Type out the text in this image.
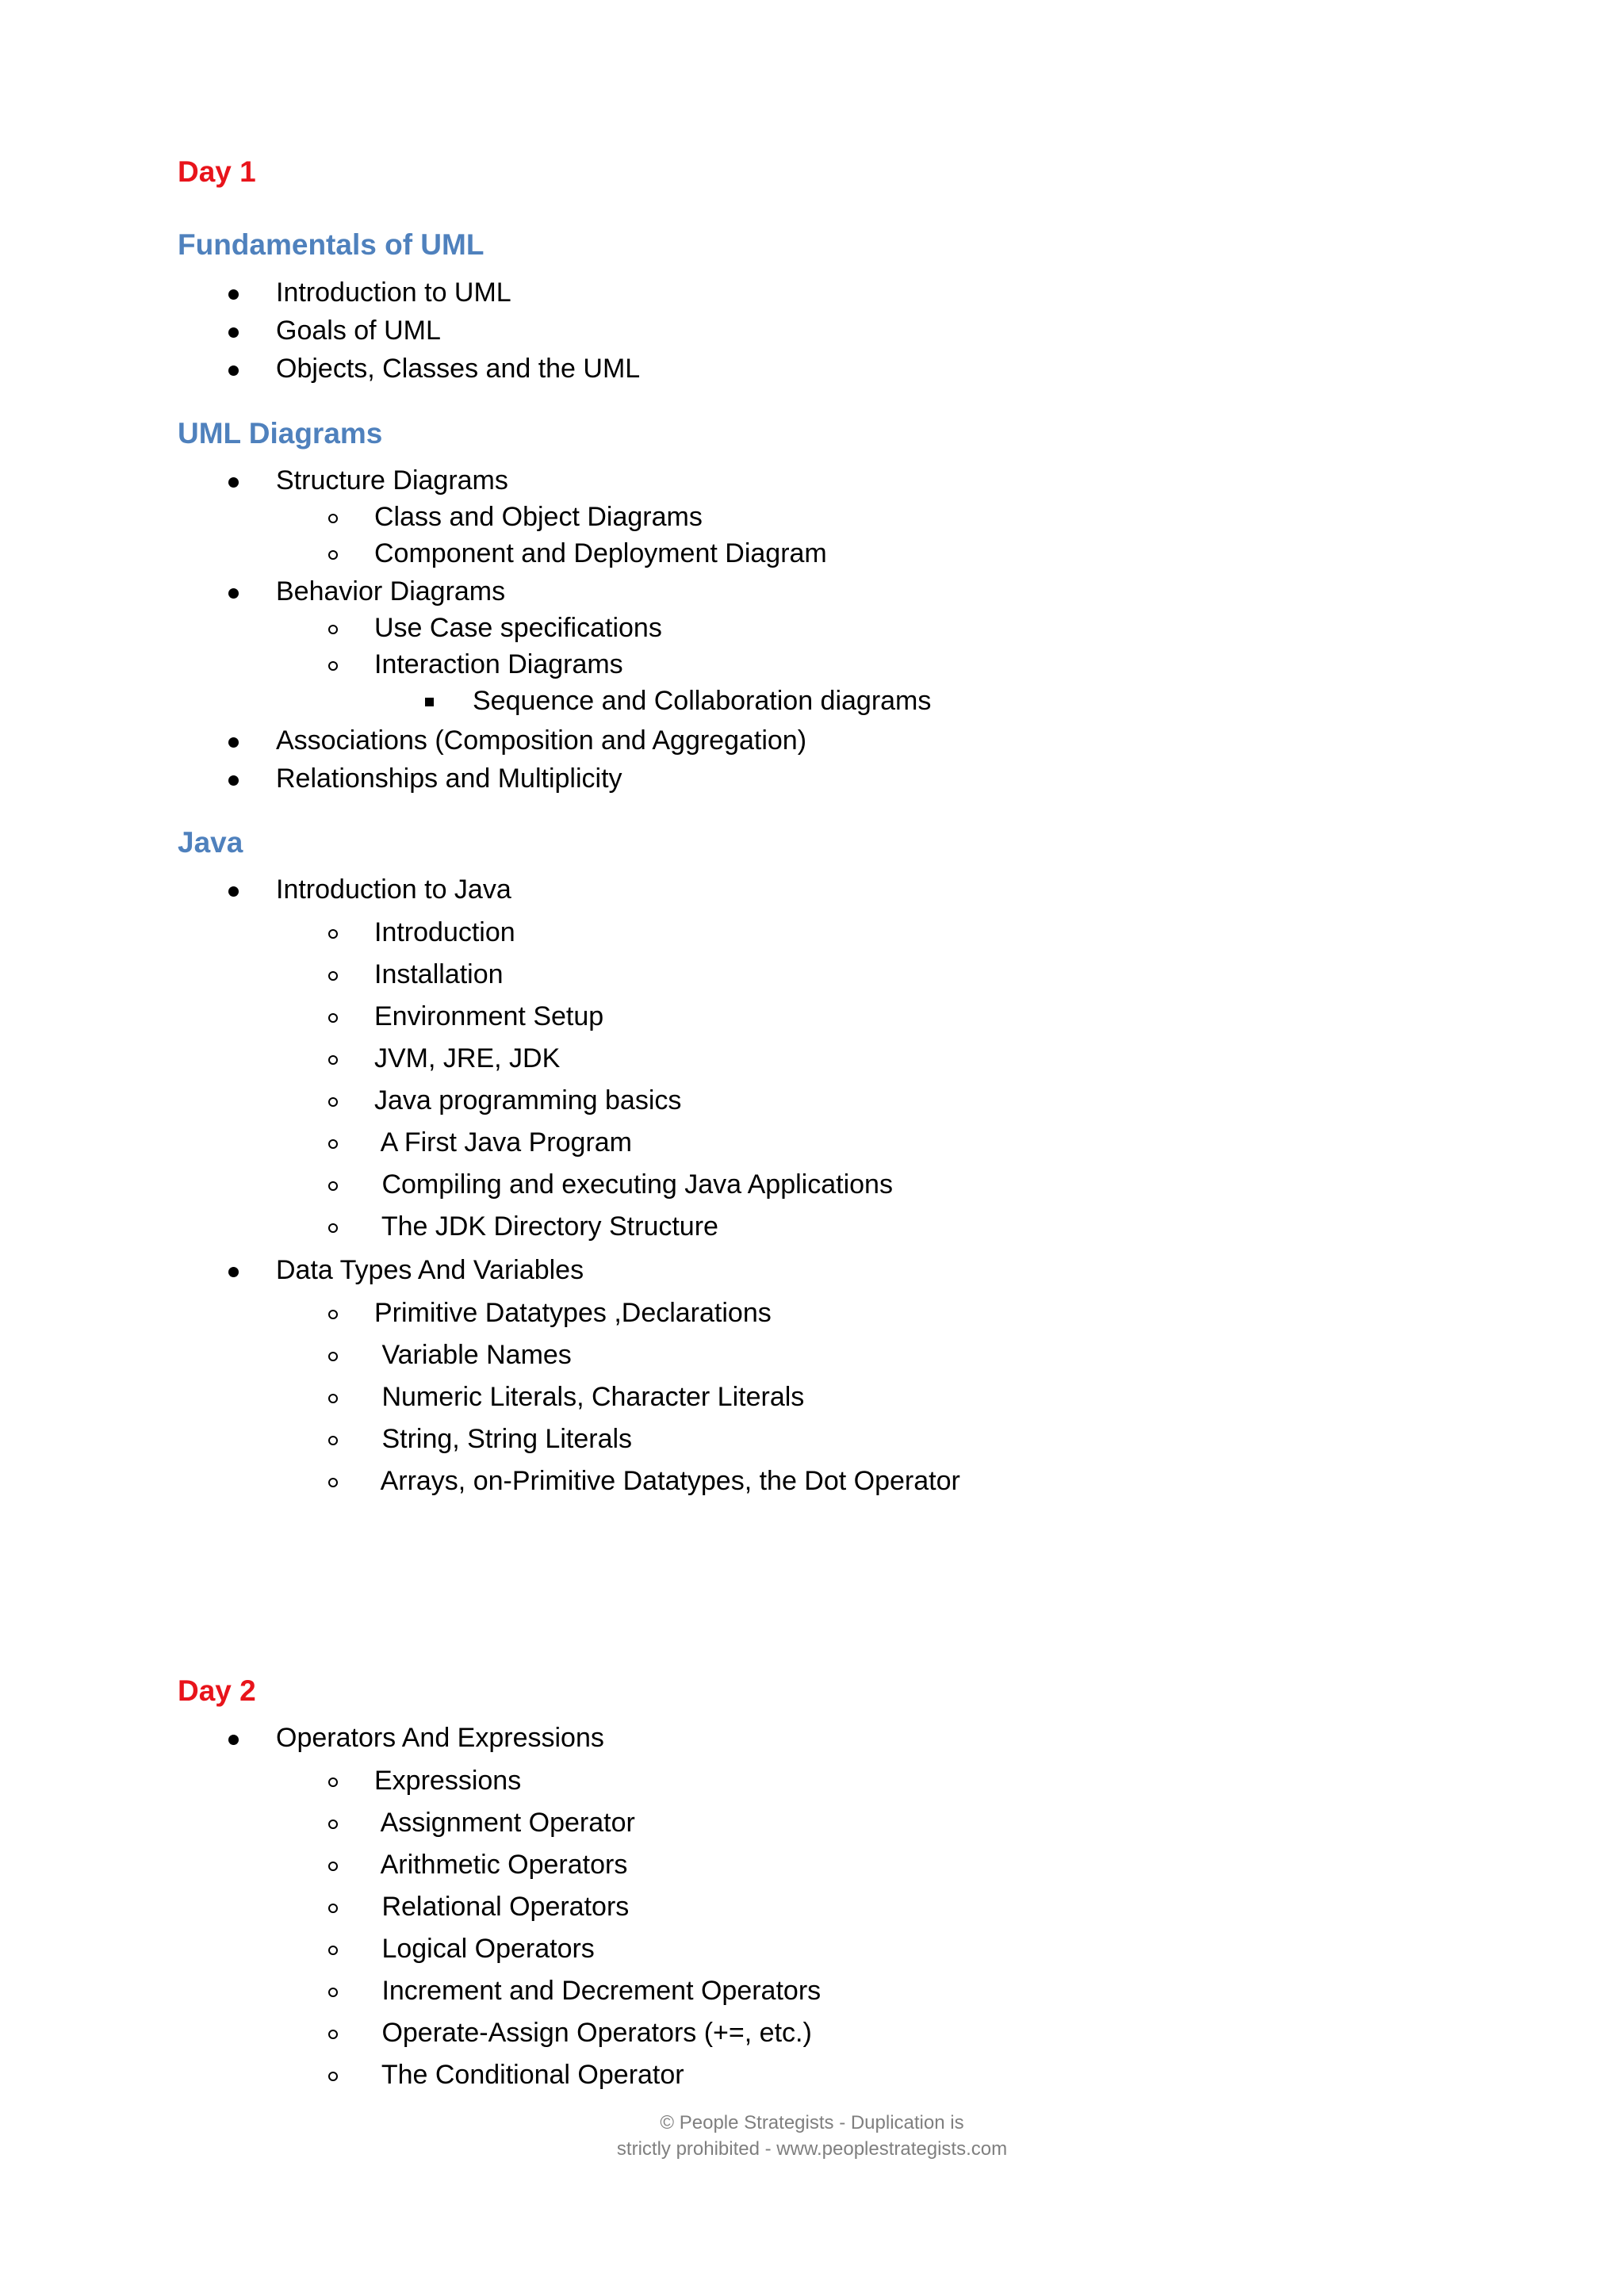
Day 1
Fundamentals of UML
Introduction to UML
Goals of UML
Objects, Classes and the UML
UML Diagrams
Structure Diagrams
Class and Object Diagrams
Component and Deployment Diagram
Behavior Diagrams
Use Case specifications
Interaction Diagrams
Sequence and Collaboration diagrams
Associations (Composition and Aggregation)
Relationships and Multiplicity
Java
Introduction to Java
Introduction
Installation
Environment Setup
JVM, JRE, JDK
Java programming basics
A First Java Program
Compiling and executing Java Applications
The JDK Directory Structure
Data Types And Variables
Primitive Datatypes ,Declarations
Variable Names
Numeric Literals, Character Literals
String, String Literals
Arrays, on-Primitive Datatypes, the Dot Operator
Day 2
Operators And Expressions
Expressions
Assignment Operator
Arithmetic Operators
Relational Operators
Logical Operators
Increment and Decrement Operators
Operate-Assign Operators (+=, etc.)
The Conditional Operator
© People Strategists - Duplication is
strictly prohibited - www.peoplestrategists.com
